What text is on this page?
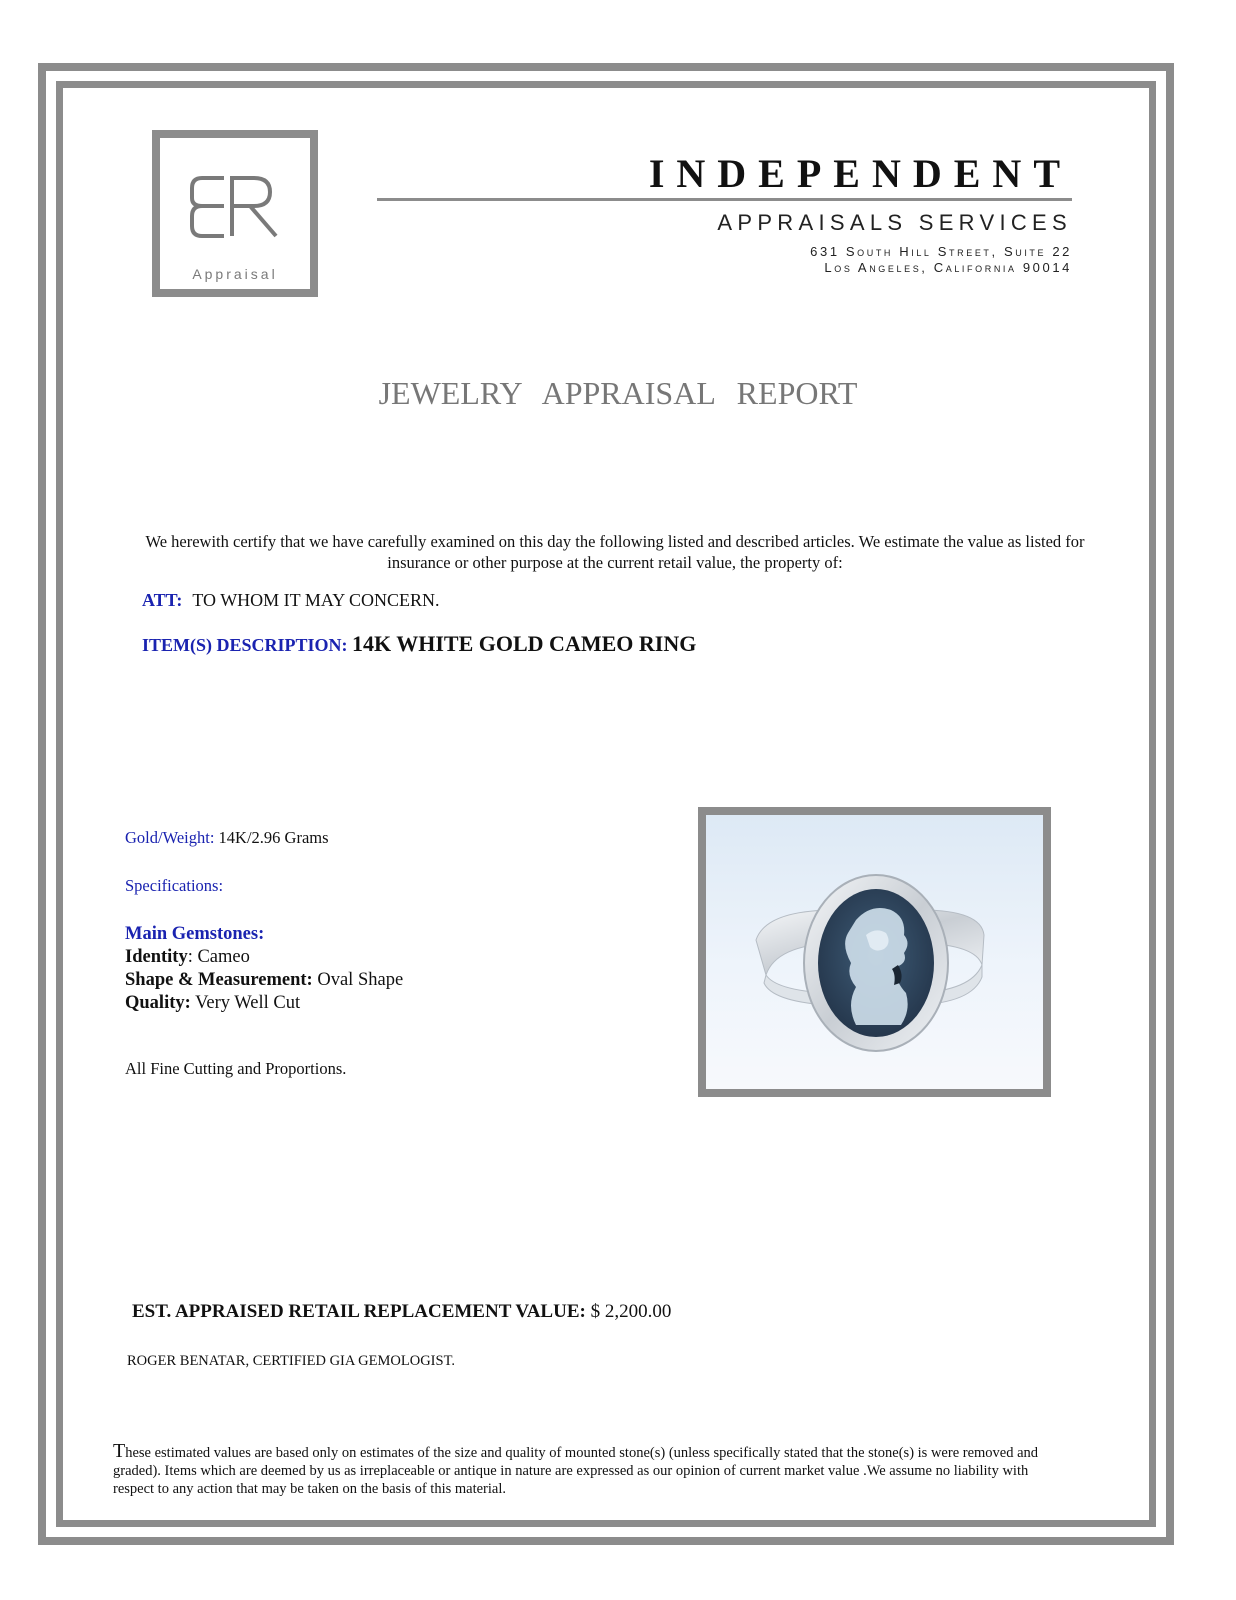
Appraisal
INDEPENDENT
APPRAISALS SERVICES
631 South Hill Street, Suite 22
Los Angeles, California 90014
JEWELRY APPRAISAL REPORT
We herewith certify that we have carefully examined on this day the following listed and described articles. We estimate the value as listed for insurance or other purpose at the current retail value, the property of:
ATT: TO WHOM IT MAY CONCERN.
ITEM(S) DESCRIPTION: 14K WHITE GOLD CAMEO RING
Gold/Weight: 14K/2.96 Grams
Specifications:
Main Gemstones:
Identity: Cameo
Shape & Measurement: Oval Shape
Quality: Very Well Cut
All Fine Cutting and Proportions.
EST. APPRAISED RETAIL REPLACEMENT VALUE: $ 2,200.00
ROGER BENATAR, CERTIFIED GIA GEMOLOGIST.
These estimated values are based only on estimates of the size and quality of mounted stone(s) (unless specifically stated that the stone(s) is were removed and graded). Items which are deemed by us as irreplaceable or antique in nature are expressed as our opinion of current market value .We assume no liability with respect to any action that may be taken on the basis of this material.
